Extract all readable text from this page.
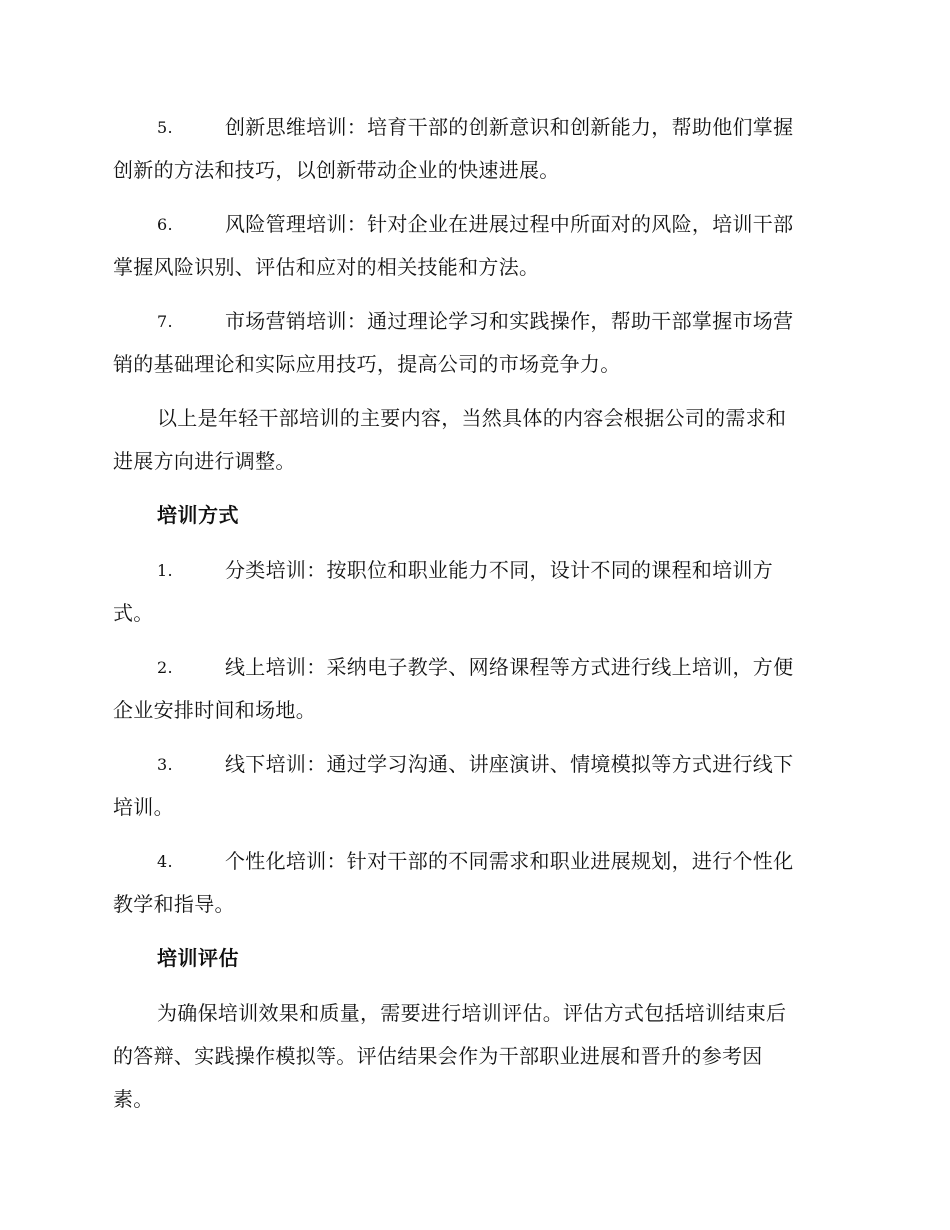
5.	创新思维培训：培育干部的创新意识和创新能力，帮助他们掌握
创新的方法和技巧，以创新带动企业的快速进展。
6.	风险管理培训：针对企业在进展过程中所面对的风险，培训干部
掌握风险识别、评估和应对的相关技能和方法。
7.	市场营销培训：通过理论学习和实践操作，帮助干部掌握市场营
销的基础理论和实际应用技巧，提高公司的市场竞争力。
以上是年轻干部培训的主要内容，当然具体的内容会根据公司的需求和
进展方向进行调整。
培训方式
1.	分类培训：按职位和职业能力不同，设计不同的课程和培训方
式。
2.	线上培训：采纳电子教学、网络课程等方式进行线上培训，方便
企业安排时间和场地。
3.	线下培训：通过学习沟通、讲座演讲、情境模拟等方式进行线下
培训。
4.	个性化培训：针对干部的不同需求和职业进展规划，进行个性化
教学和指导。
培训评估
为确保培训效果和质量，需要进行培训评估。评估方式包括培训结束后
的答辩、实践操作模拟等。评估结果会作为干部职业进展和晋升的参考因
素。
